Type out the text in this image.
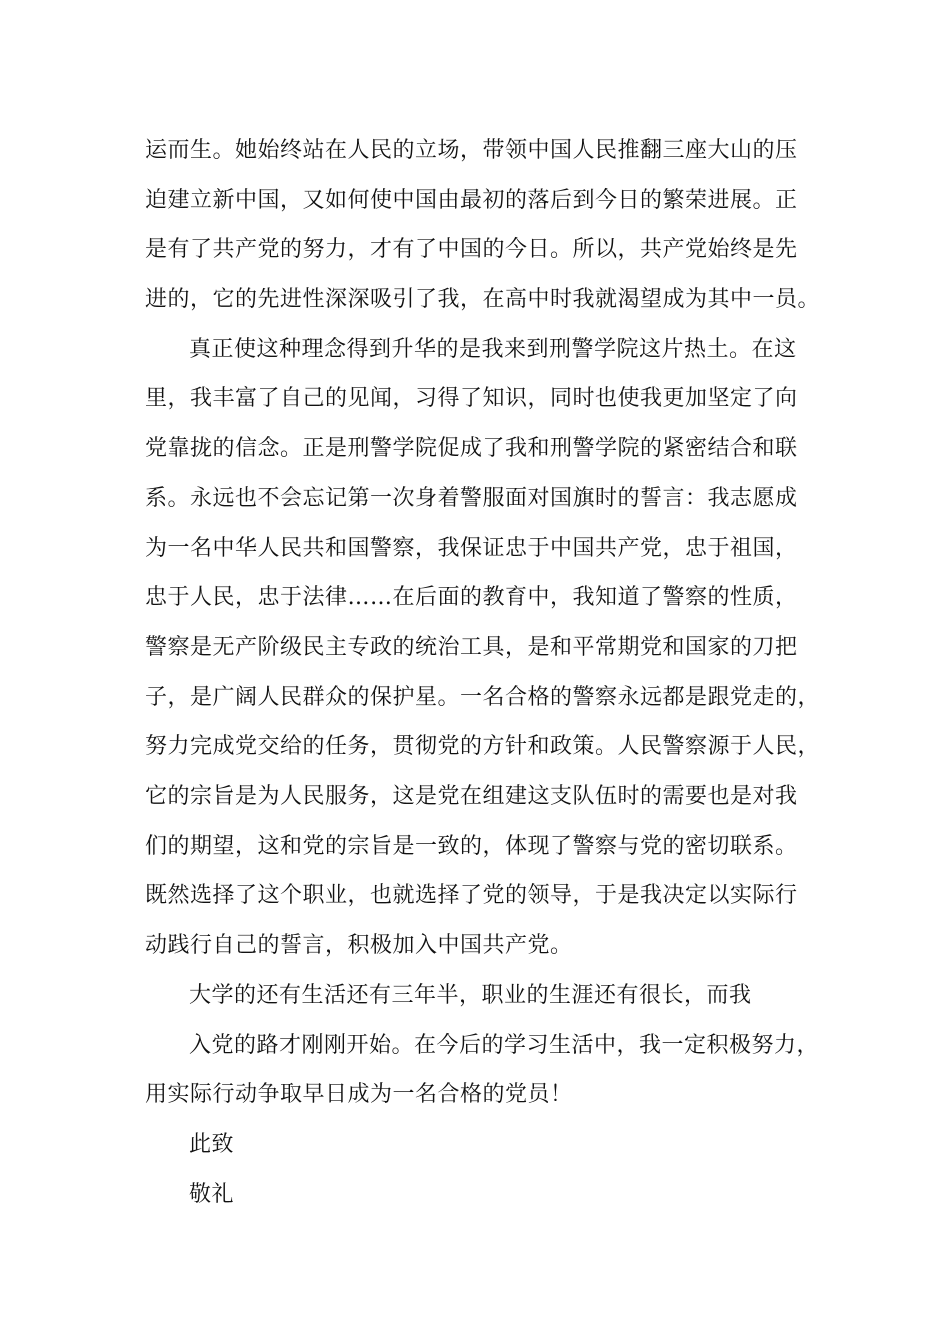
运而生。她始终站在人民的立场，带领中国人民推翻三座大山的压
迫建立新中国，又如何使中国由最初的落后到今日的繁荣进展。正
是有了共产党的努力，才有了中国的今日。所以，共产党始终是先
进的，它的先进性深深吸引了我，在高中时我就渴望成为其中一员。
真正使这种理念得到升华的是我来到刑警学院这片热土。在这
里，我丰富了自己的见闻，习得了知识，同时也使我更加坚定了向
党靠拢的信念。正是刑警学院促成了我和刑警学院的紧密结合和联
系。永远也不会忘记第一次身着警服面对国旗时的誓言：我志愿成
为一名中华人民共和国警察，我保证忠于中国共产党，忠于祖国，
忠于人民，忠于法律……在后面的教育中，我知道了警察的性质，
警察是无产阶级民主专政的统治工具，是和平常期党和国家的刀把
子，是广阔人民群众的保护星。一名合格的警察永远都是跟党走的，
努力完成党交给的任务，贯彻党的方针和政策。人民警察源于人民，
它的宗旨是为人民服务，这是党在组建这支队伍时的需要也是对我
们的期望，这和党的宗旨是一致的，体现了警察与党的密切联系。
既然选择了这个职业，也就选择了党的领导，于是我决定以实际行
动践行自己的誓言，积极加入中国共产党。
大学的还有生活还有三年半，职业的生涯还有很长，而我
入党的路才刚刚开始。在今后的学习生活中，我一定积极努力，
用实际行动争取早日成为一名合格的党员！
此致
敬礼
